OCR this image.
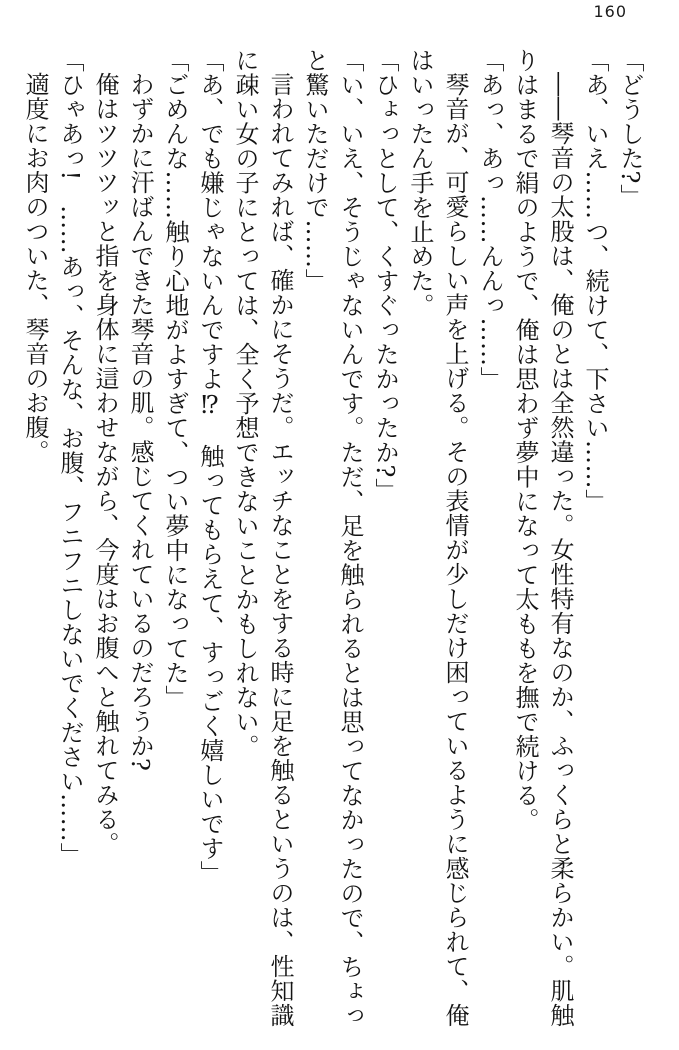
160

「どうした?」

「あ、いえ……つ、続けて、下さい……」

――琴音の太股は、俺のとは全然違った。女性特有なのか、ふっくらと柔らかい。肌触りはまるで絹のようで、俺は思わず夢中になって太ももを撫で続ける。

「あっ、あっ……んんっ……」

琴音が、可愛らしい声を上げる。その表情が少しだけ困っているように感じられて、俺はいったん手を止めた。

「ひょっとして、くすぐったかったか?」

「い、いえ、そうじゃないんです。ただ、足を触られるとは思ってなかったので、ちょっと驚いただけで……」

言われてみれば、確かにそうだ。エッチなことをする時に足を触るというのは、性知識に疎い女の子にとっては、全く予想できないことかもしれない。

「あ、でも嫌じゃないんですよ⁉　触ってもらえて、すっごく嬉しいです」

「ごめんな……触り心地がよすぎて、つい夢中になってた」

わずかに汗ばんできた琴音の肌。感じてくれているのだろうか?

俺はツツツッと指を身体に這わせながら、今度はお腹へと触れてみる。

「ひゃあっ!　……あっ、そんな、お腹、フニフニしないでください……」

適度にお肉のついた、琴音のお腹。
